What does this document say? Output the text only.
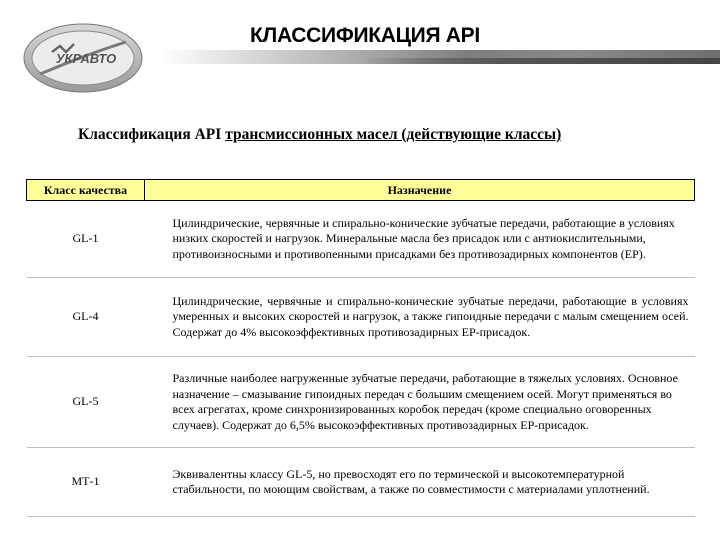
УКРАВТО
КЛАССИФИКАЦИЯ API
Классификация API трансмиссионных масел (действующие классы)
Класс качества	Назначение
GL-1	Цилиндрические, червячные и спирально-конические зубчатые передачи, работающие в условиях низких скоростей и нагрузок. Минеральные масла без присадок или с антиокислительными, противоизносными и противопенными присадками без противозадирных компонентов (EP).
GL-4	Цилиндрические, червячные и спирально-конические зубчатые передачи, работающие в условиях умеренных и высоких скоростей и нагрузок, а также гипоидные передачи с малым смещением осей. Содержат до 4% высокоэффективных противозадирных EP-присадок.
GL-5	Различные наиболее нагруженные зубчатые передачи, работающие в тяжелых условиях. Основное назначение – смазывание гипоидных передач с большим смещением осей. Могут применяться во всех агрегатах, кроме синхронизированных коробок передач (кроме специально оговоренных случаев). Содержат до 6,5% высокоэффективных противозадирных EP-присадок.
МТ-1	Эквивалентны классу GL-5, но превосходят его по термической и высокотемпературной стабильности, по моющим свойствам, а также по совместимости с материалами уплотнений.
